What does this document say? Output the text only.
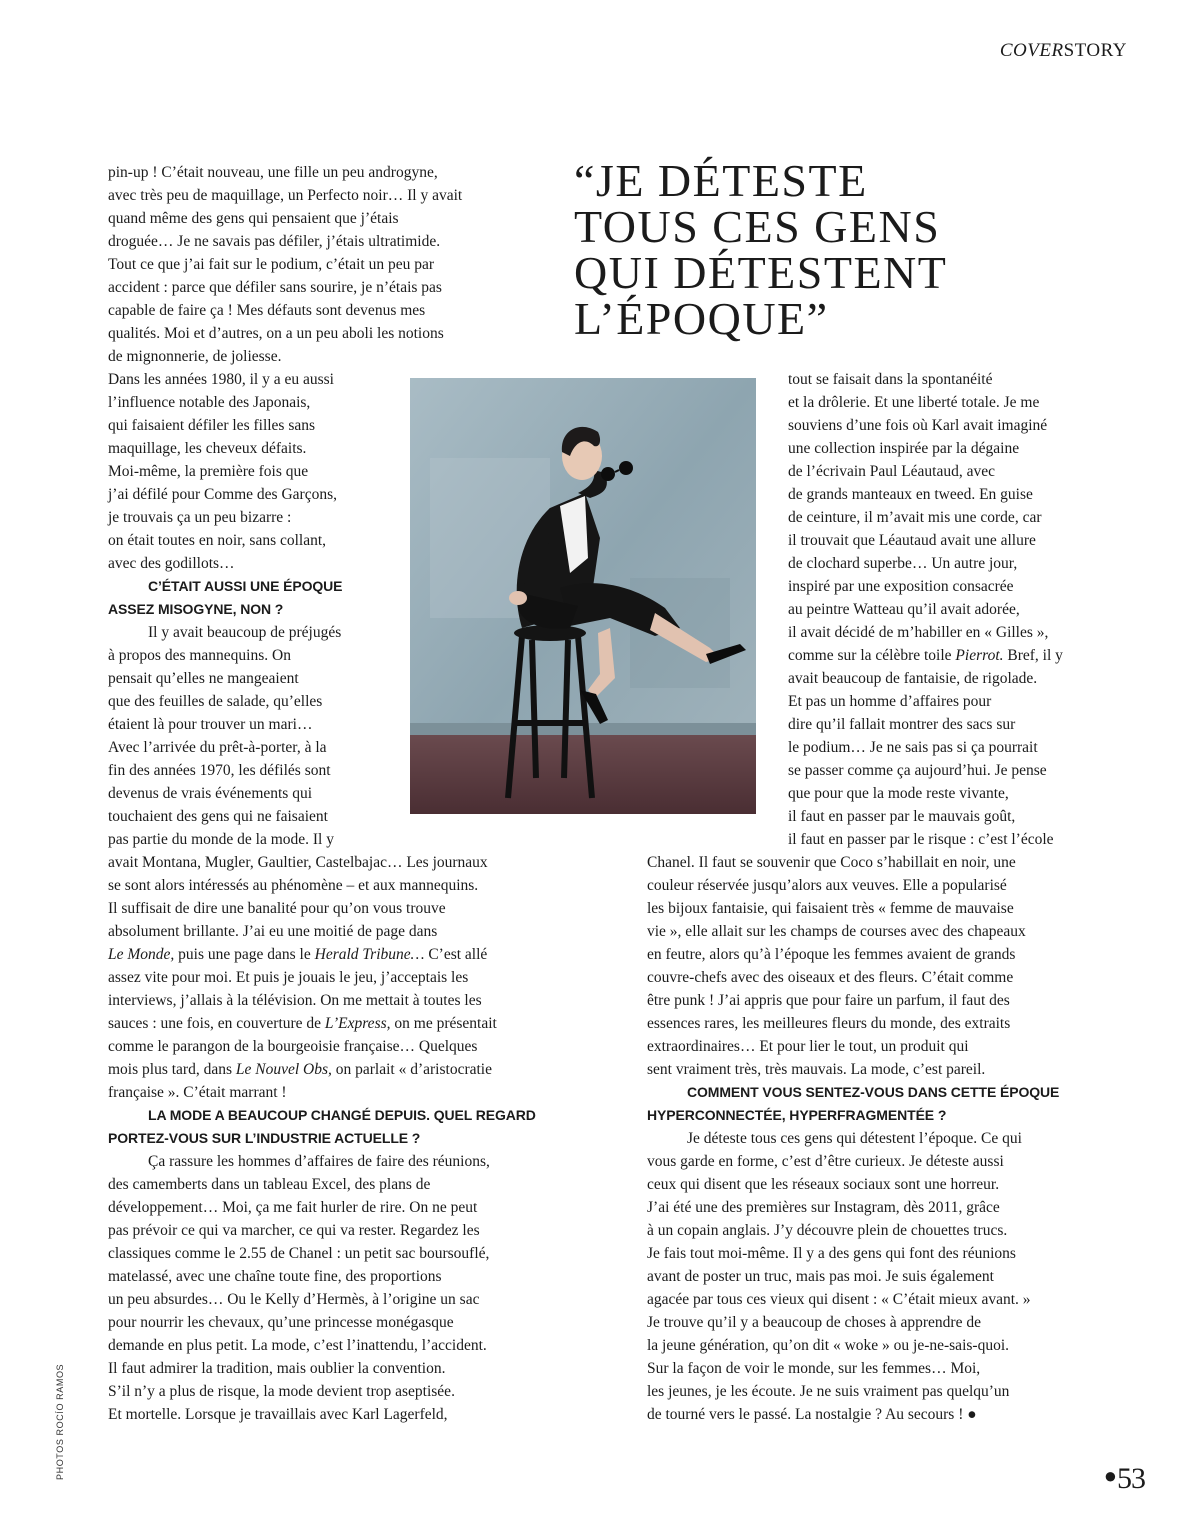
COVERSTORY
PHOTOS ROCÍO RAMOS	●53
“JE DÉTESTE
TOUS CES GENS
QUI DÉTESTENT
L’ÉPOQUE”
pin-up ! C’était nouveau, une fille un peu androgyne,
avec très peu de maquillage, un Perfecto noir… Il y avait
quand même des gens qui pensaient que j’étais
droguée… Je ne savais pas défiler, j’étais ultratimide.
Tout ce que j’ai fait sur le podium, c’était un peu par
accident : parce que défiler sans sourire, je n’étais pas
capable de faire ça ! Mes défauts sont devenus mes
qualités. Moi et d’autres, on a un peu aboli les notions
de mignonnerie, de joliesse.
Dans les années 1980, il y a eu aussi
l’influence notable des Japonais,
qui faisaient défiler les filles sans
maquillage, les cheveux défaits.
Moi-même, la première fois que
j’ai défilé pour Comme des Garçons,
je trouvais ça un peu bizarre :
on était toutes en noir, sans collant,
avec des godillots…
C’ÉTAIT AUSSI UNE ÉPOQUE
ASSEZ MISOGYNE, NON ?
Il y avait beaucoup de préjugés
à propos des mannequins. On
pensait qu’elles ne mangeaient
que des feuilles de salade, qu’elles
étaient là pour trouver un mari…
Avec l’arrivée du prêt-à-porter, à la
fin des années 1970, les défilés sont
devenus de vrais événements qui
touchaient des gens qui ne faisaient
pas partie du monde de la mode. Il y
avait Montana, Mugler, Gaultier, Castelbajac… Les journaux
se sont alors intéressés au phénomène – et aux mannequins.
Il suffisait de dire une banalité pour qu’on vous trouve
absolument brillante. J’ai eu une moitié de page dans
Le Monde, puis une page dans le Herald Tribune… C’est allé
assez vite pour moi. Et puis je jouais le jeu, j’acceptais les
interviews, j’allais à la télévision. On me mettait à toutes les
sauces : une fois, en couverture de L’Express, on me présentait
comme le parangon de la bourgeoisie française… Quelques
mois plus tard, dans Le Nouvel Obs, on parlait « d’aristocratie
française ». C’était marrant !
LA MODE A BEAUCOUP CHANGÉ DEPUIS. QUEL REGARD
PORTEZ-VOUS SUR L’INDUSTRIE ACTUELLE ?
Ça rassure les hommes d’affaires de faire des réunions,
des camemberts dans un tableau Excel, des plans de
développement… Moi, ça me fait hurler de rire. On ne peut
pas prévoir ce qui va marcher, ce qui va rester. Regardez les
classiques comme le 2.55 de Chanel : un petit sac boursouflé,
matelassé, avec une chaîne toute fine, des proportions
un peu absurdes… Ou le Kelly d’Hermès, à l’origine un sac
pour nourrir les chevaux, qu’une princesse monégasque
demande en plus petit. La mode, c’est l’inattendu, l’accident.
Il faut admirer la tradition, mais oublier la convention.
S’il n’y a plus de risque, la mode devient trop aseptisée.
Et mortelle. Lorsque je travaillais avec Karl Lagerfeld,
tout se faisait dans la spontanéité
et la drôlerie. Et une liberté totale. Je me
souviens d’une fois où Karl avait imaginé
une collection inspirée par la dégaine
de l’écrivain Paul Léautaud, avec
de grands manteaux en tweed. En guise
de ceinture, il m’avait mis une corde, car
il trouvait que Léautaud avait une allure
de clochard superbe… Un autre jour,
inspiré par une exposition consacrée
au peintre Watteau qu’il avait adorée,
il avait décidé de m’habiller en « Gilles »,
comme sur la célèbre toile Pierrot. Bref, il y
avait beaucoup de fantaisie, de rigolade.
Et pas un homme d’affaires pour
dire qu’il fallait montrer des sacs sur
le podium… Je ne sais pas si ça pourrait
se passer comme ça aujourd’hui. Je pense
que pour que la mode reste vivante,
il faut en passer par le mauvais goût,
il faut en passer par le risque : c’est l’école
Chanel. Il faut se souvenir que Coco s’habillait en noir, une
couleur réservée jusqu’alors aux veuves. Elle a popularisé
les bijoux fantaisie, qui faisaient très « femme de mauvaise
vie », elle allait sur les champs de courses avec des chapeaux
en feutre, alors qu’à l’époque les femmes avaient de grands
couvre-chefs avec des oiseaux et des fleurs. C’était comme
être punk ! J’ai appris que pour faire un parfum, il faut des
essences rares, les meilleures fleurs du monde, des extraits
extraordinaires… Et pour lier le tout, un produit qui
sent vraiment très, très mauvais. La mode, c’est pareil.
COMMENT VOUS SENTEZ-VOUS DANS CETTE ÉPOQUE
HYPERCONNECTÉE, HYPERFRAGMENTÉE ?
Je déteste tous ces gens qui détestent l’époque. Ce qui
vous garde en forme, c’est d’être curieux. Je déteste aussi
ceux qui disent que les réseaux sociaux sont une horreur.
J’ai été une des premières sur Instagram, dès 2011, grâce
à un copain anglais. J’y découvre plein de chouettes trucs.
Je fais tout moi-même. Il y a des gens qui font des réunions
avant de poster un truc, mais pas moi. Je suis également
agacée par tous ces vieux qui disent : « C’était mieux avant. »
Je trouve qu’il y a beaucoup de choses à apprendre de
la jeune génération, qu’on dit « woke » ou je-ne-sais-quoi.
Sur la façon de voir le monde, sur les femmes… Moi,
les jeunes, je les écoute. Je ne suis vraiment pas quelqu’un
de tourné vers le passé. La nostalgie ? Au secours ! ●
